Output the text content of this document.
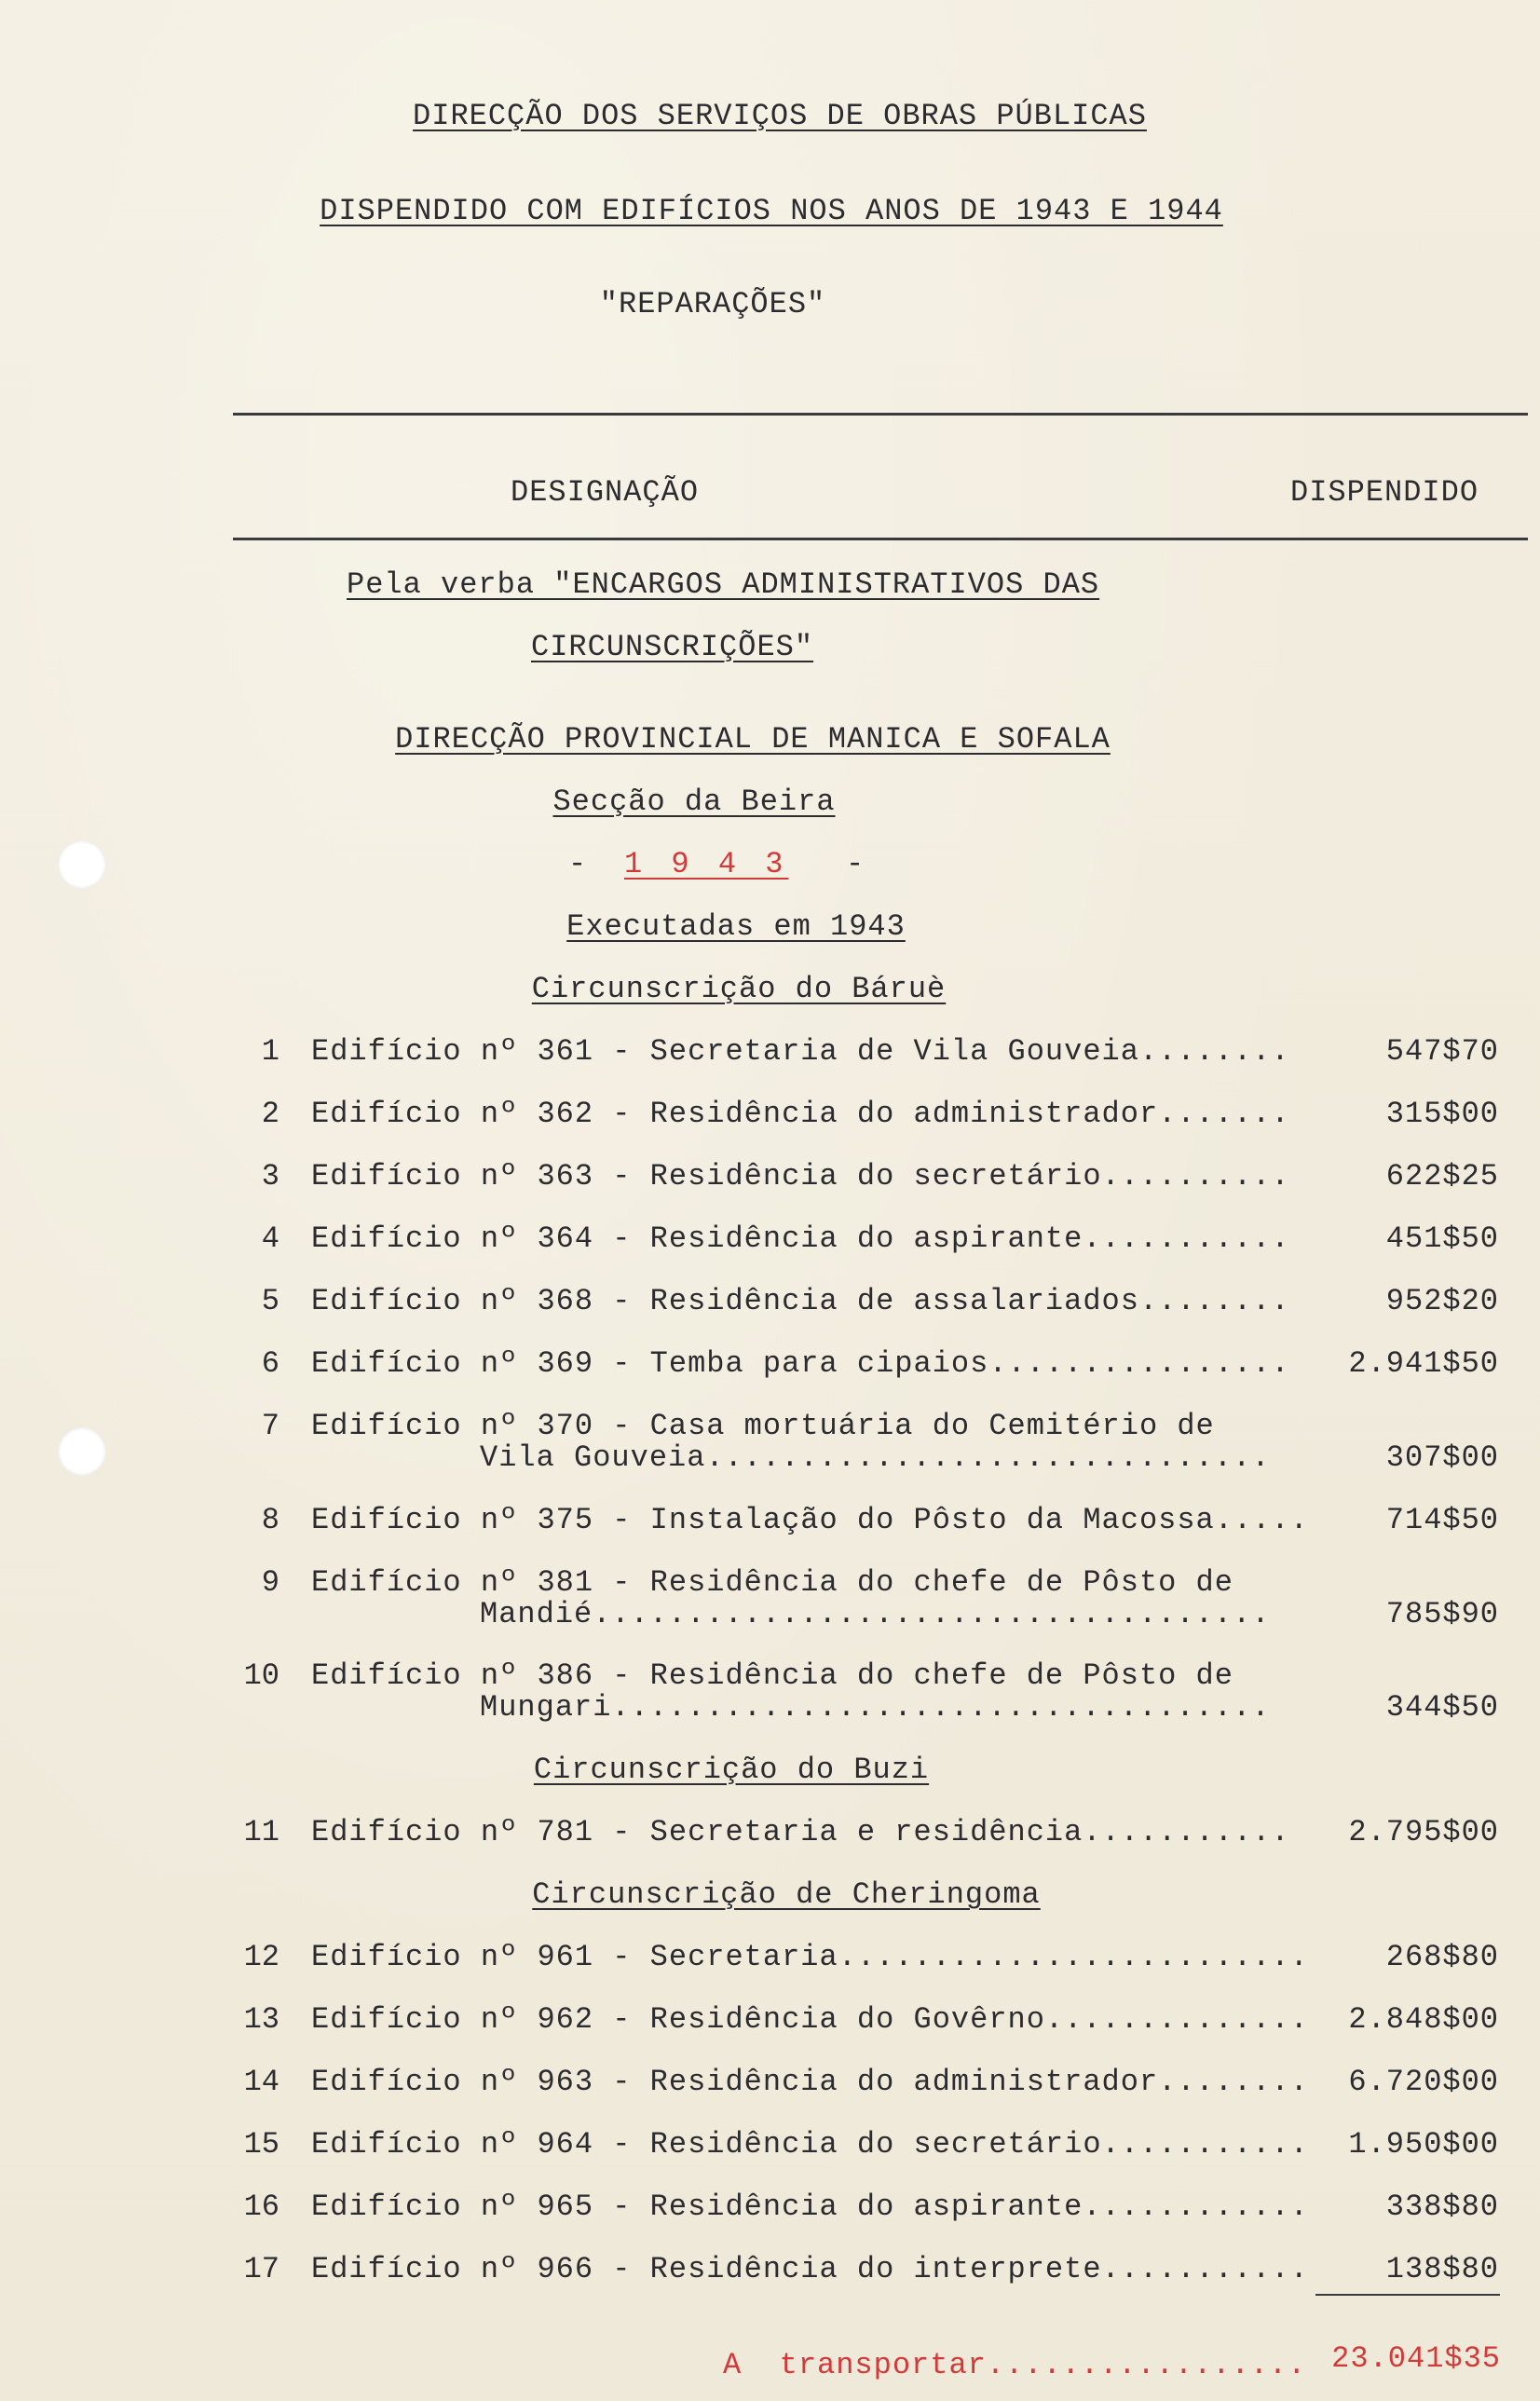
DIRECÇÃO DOS SERVIÇOS DE OBRAS PÚBLICAS
DISPENDIDO COM EDIFÍCIOS NOS ANOS DE 1943 E 1944
"REPARAÇÕES"
DESIGNAÇÃO	DISPENDIDO
Pela verba "ENCARGOS ADMINISTRATIVOS DAS
CIRCUNSCRIÇÕES"
DIRECÇÃO PROVINCIAL DE MANICA E SOFALA
Secção da Beira
- 1 9 4 3 -
Executadas em 1943
Circunscrição do Báruè
1 Edifício nº 361 - Secretaria de Vila Gouveia........	547$70
2 Edifício nº 362 - Residência do administrador.......	315$00
3 Edifício nº 363 - Residência do secretário..........	622$25
4 Edifício nº 364 - Residência do aspirante...........	451$50
5 Edifício nº 368 - Residência de assalariados........	952$20
6 Edifício nº 369 - Temba para cipaios................ 2.941$50
7 Edifício nº 370 - Casa mortuária do Cemitério de
Vila Gouveia..............................	307$00
8 Edifício nº 375 - Instalação do Pôsto da Macossa.....	714$50
9 Edifício nº 381 - Residência do chefe de Pôsto de
Mandié....................................	785$90
10 Edifício nº 386 - Residência do chefe de Pôsto de
Mungari...................................	344$50
Circunscrição do Buzi
11 Edifício nº 781 - Secretaria e residência........... 2.795$00
Circunscrição de Cheringoma
12 Edifício nº 961 - Secretaria.........................	268$80
13 Edifício nº 962 - Residência do Govêrno.............. 2.848$00
14 Edifício nº 963 - Residência do administrador........ 6.720$00
15 Edifício nº 964 - Residência do secretário........... 1.950$00
16 Edifício nº 965 - Residência do aspirante............	338$80
17 Edifício nº 966 - Residência do interprete...........	138$80
A  transportar................. 23.041$35
